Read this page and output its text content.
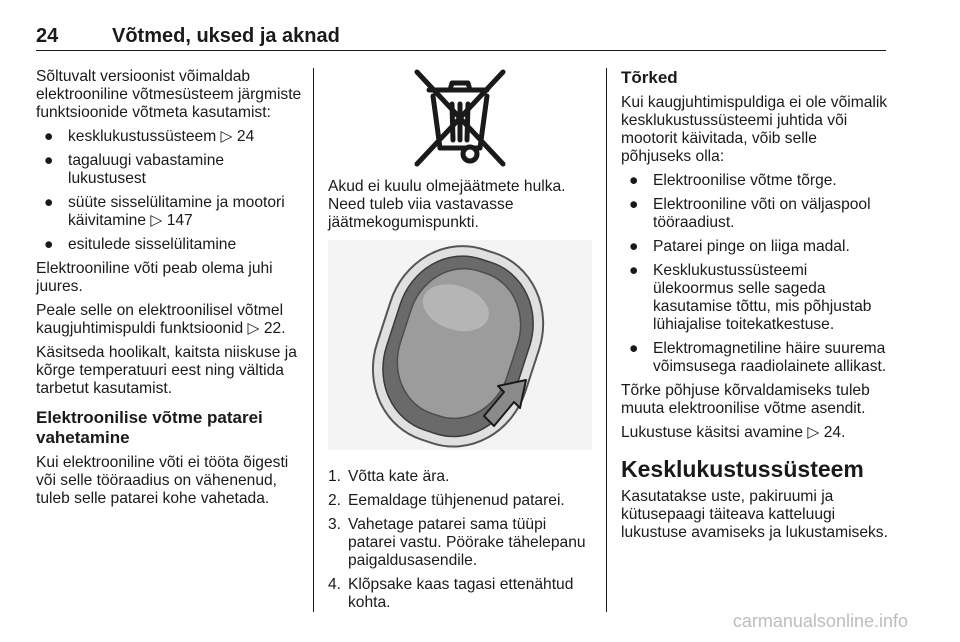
24	Võtmed, uksed ja aknad

Sõltuvalt versioonist võimaldab elektrooniline võtmesüsteem järgmiste funktsioonide võtmeta kasutamist:

● kesklukustussüsteem ▷ 24
● tagaluugi vabastamine lukustusest
● süüte sisselülitamine ja mootori käivitamine ▷ 147
● esitulede sisselülitamine

Elektrooniline võti peab olema juhi juures.

Peale selle on elektroonilisel võtmel kaugjuhtimispuldi funktsioonid ▷ 22.

Käsitseda hoolikalt, kaitsta niiskuse ja kõrge temperatuuri eest ning vältida tarbetut kasutamist.

Elektroonilise võtme patarei vahetamine

Kui elektrooniline võti ei tööta õigesti või selle tööraadius on vähenenud, tuleb selle patarei kohe vahetada.

Akud ei kuulu olmejäätmete hulka. Need tuleb viia vastavasse jäätmekogumispunkti.

1. Võtta kate ära.
2. Eemaldage tühjenenud patarei.
3. Vahetage patarei sama tüüpi patarei vastu. Pöörake tähelepanu paigaldusasendile.
4. Klõpsake kaas tagasi ettenähtud kohta.
Tõrked

Kui kaugjuhtimispuldiga ei ole võimalik kesklukustussüsteemi juhtida või mootorit käivitada, võib selle põhjuseks olla:

● Elektroonilise võtme tõrge.
● Elektrooniline võti on väljaspool tööraadiust.
● Patarei pinge on liiga madal.
● Kesklukustussüsteemi ülekoormus selle sageda kasutamise tõttu, mis põhjustab lühiajalise toitekatkestuse.
● Elektromagnetiline häire suurema võimsusega raadiolainete allikast.

Tõrke põhjuse kõrvaldamiseks tuleb muuta elektroonilise võtme asendit.

Lukustuse käsitsi avamine ▷ 24.

Kesklukustussüsteem

Kasutatakse uste, pakiruumi ja kütusepaagi täiteava katteluugi lukustuse avamiseks ja lukustamiseks.

carmanualsonline.info
